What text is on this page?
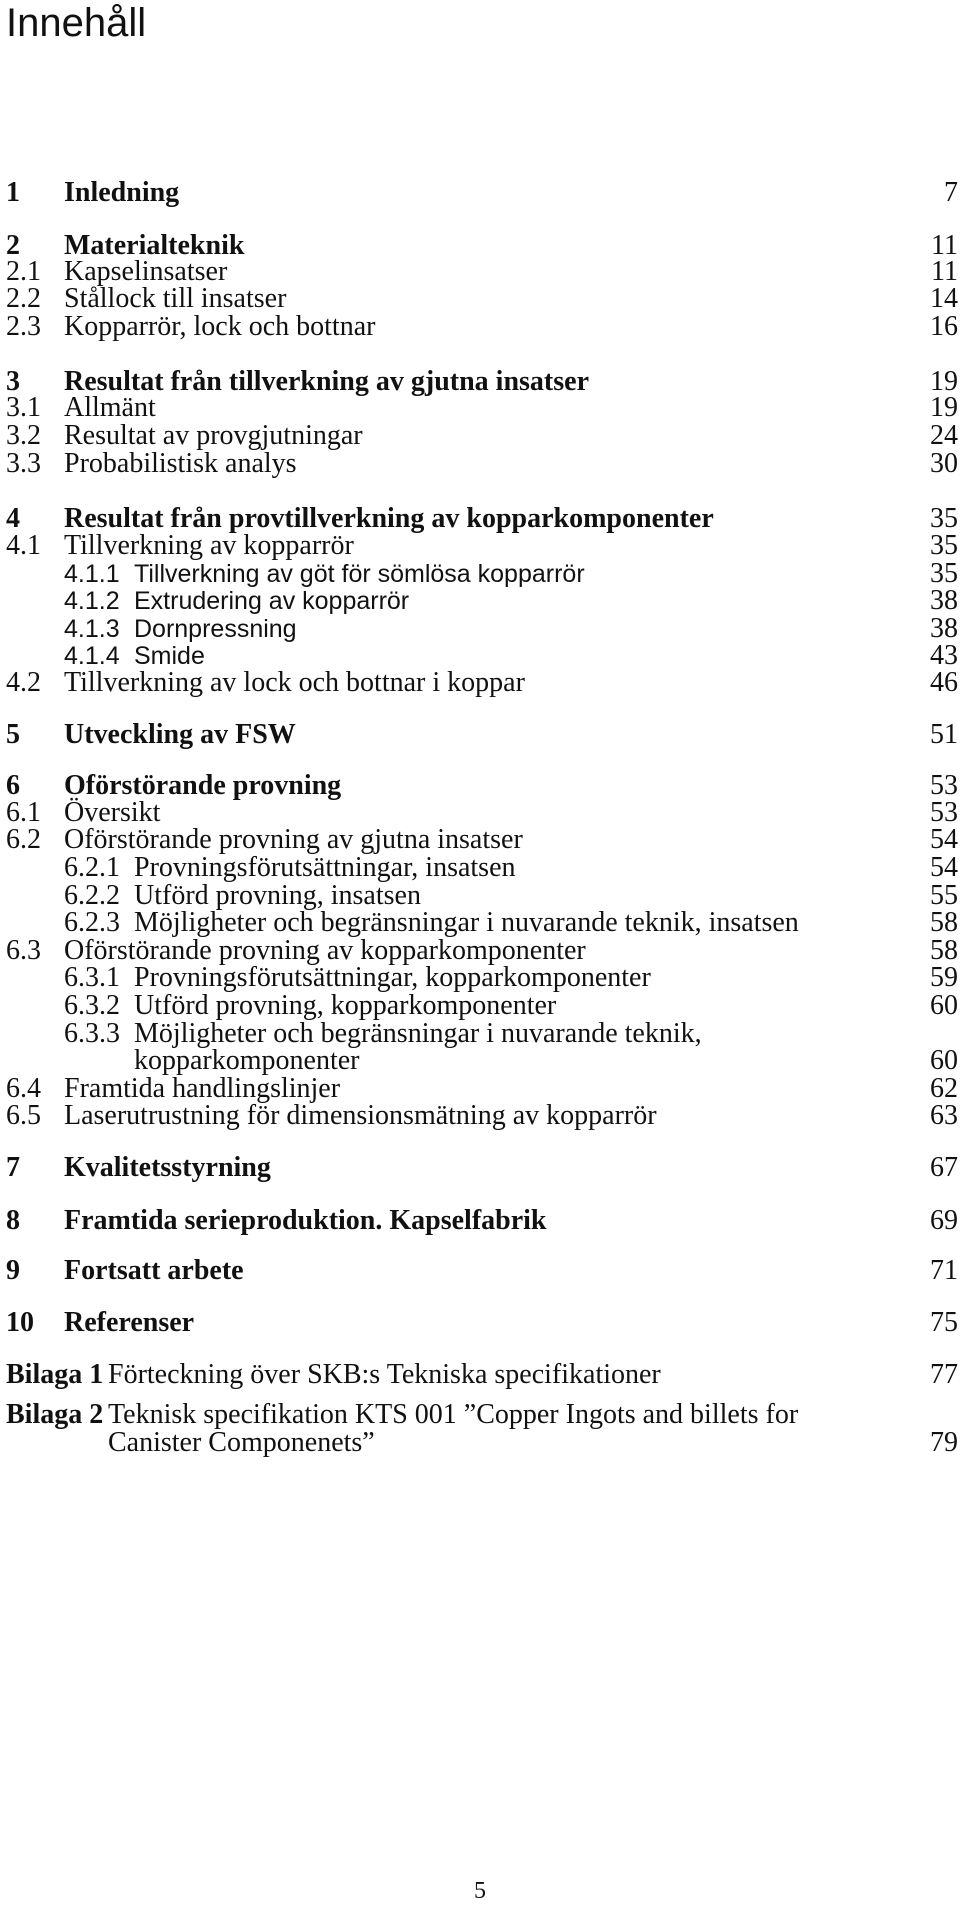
Innehåll
1 Inledning	7
2 Materialteknik	11
2.1 Kapselinsatser	11
2.2 Stållock till insatser	14
2.3 Kopparrör, lock och bottnar	16
3 Resultat från tillverkning av gjutna insatser	19
3.1 Allmänt	19
3.2 Resultat av provgjutningar	24
3.3 Probabilistisk analys	30
4 Resultat från provtillverkning av kopparkomponenter	35
4.1 Tillverkning av kopparrör	35
4.1.1 Tillverkning av göt för sömlösa kopparrör	35
4.1.2 Extrudering av kopparrör	38
4.1.3 Dornpressning	38
4.1.4 Smide	43
4.2 Tillverkning av lock och bottnar i koppar	46
5 Utveckling av FSW	51
6 Oförstörande provning	53
6.1 Översikt	53
6.2 Oförstörande provning av gjutna insatser	54
6.2.1 Provningsförutsättningar, insatsen	54
6.2.2 Utförd provning, insatsen	55
6.2.3 Möjligheter och begränsningar i nuvarande teknik, insatsen	58
6.3 Oförstörande provning av kopparkomponenter	58
6.3.1 Provningsförutsättningar, kopparkomponenter	59
6.3.2 Utförd provning, kopparkomponenter	60
6.3.3 Möjligheter och begränsningar i nuvarande teknik,
kopparkomponenter	60
6.4 Framtida handlingslinjer	62
6.5 Laserutrustning för dimensionsmätning av kopparrör	63
7 Kvalitetsstyrning	67
8 Framtida serieproduktion. Kapselfabrik	69
9 Fortsatt arbete	71
10 Referenser	75
Bilaga 1 Förteckning över SKB:s Tekniska specifikationer	77
Bilaga 2 Teknisk specifikation KTS 001 ”Copper Ingots and billets for
Canister Componenets”	79
5
